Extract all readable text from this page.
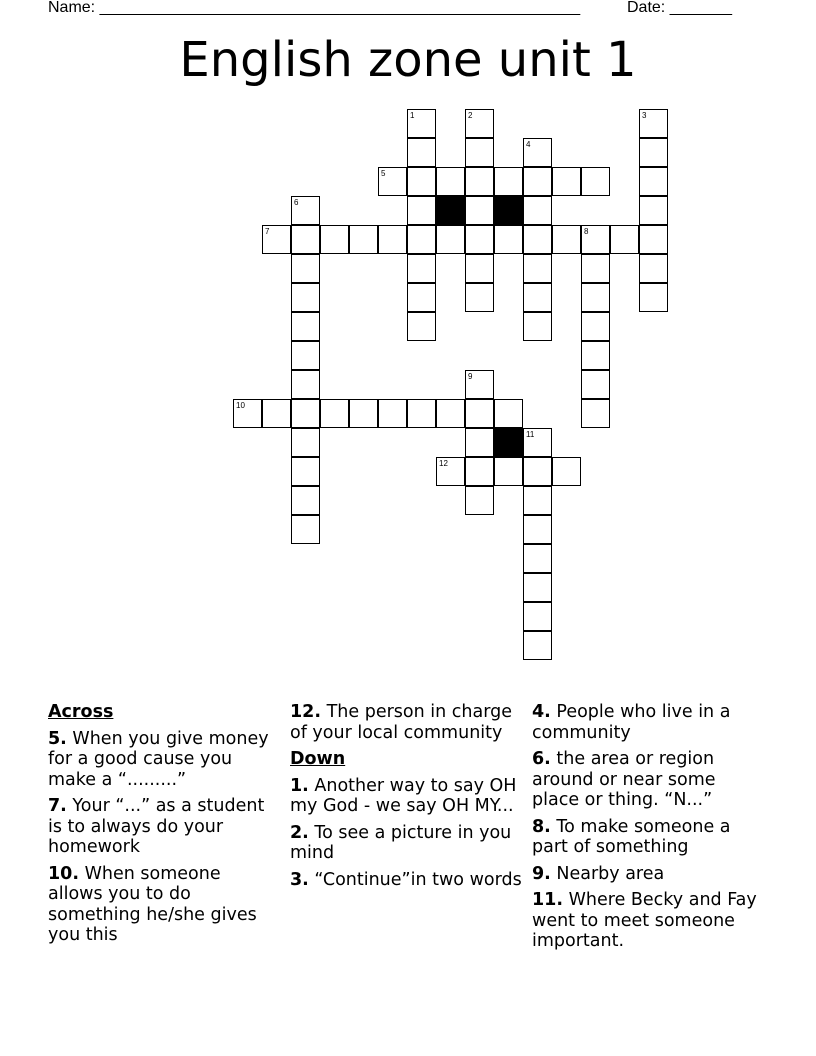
Name: ______________________________________________________	Date: _______
English zone unit 1
1	2	3
4
5
6
7	8
9
10
11
12
Across
5. When you give money for a good cause you make a “.........”
7. Your “...” as a student is to always do your homework
10. When someone allows you to do something he/she gives you this
12. The person in charge of your local community
Down
1. Another way to say OH my God - we say OH MY...
2. To see a picture in you mind
3. “Continue”in two words
4. People who live in a community
6. the area or region around or near some place or thing. “N...”
8. To make someone a part of something
9. Nearby area
11. Where Becky and Fay went to meet someone important.
